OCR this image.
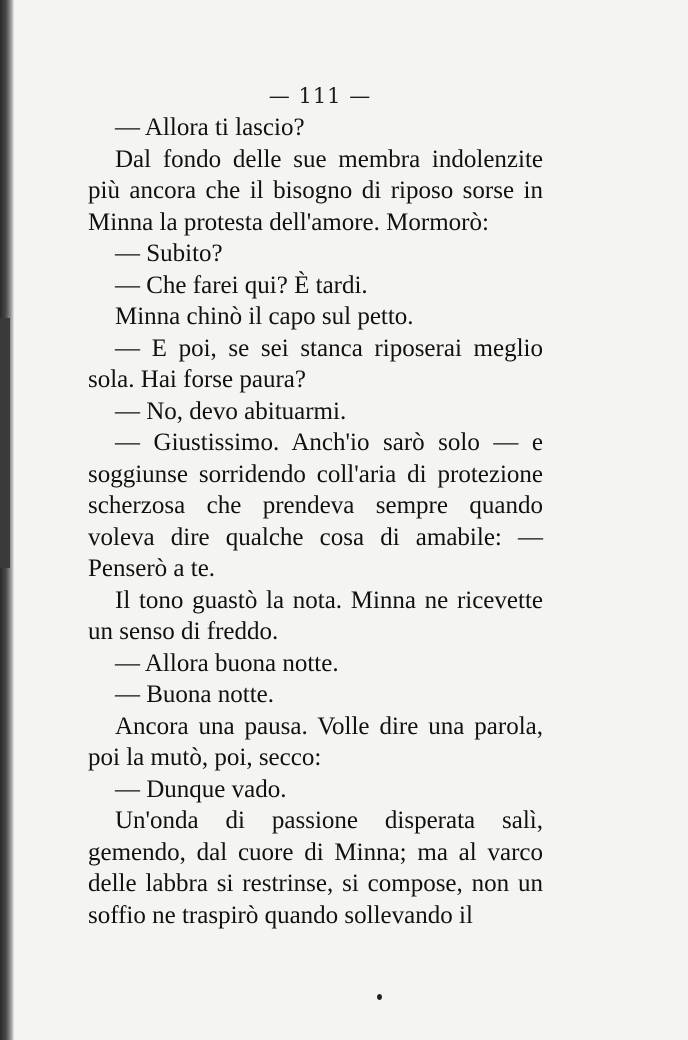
— 111 —

— Allora ti lascio?

Dal fondo delle sue membra indolenzite più ancora che il bisogno di riposo sorse in Minna la protesta dell'amore. Mormorò:

— Subito?

— Che farei qui? È tardi.

Minna chinò il capo sul petto.

— E poi, se sei stanca riposerai meglio sola. Hai forse paura?

— No, devo abituarmi.

— Giustissimo. Anch'io sarò solo — e soggiunse sorridendo coll'aria di protezione scherzosa che prendeva sempre quando voleva dire qualche cosa di amabile: — Penserò a te.

Il tono guastò la nota. Minna ne ricevette un senso di freddo.

— Allora buona notte.

— Buona notte.

Ancora una pausa. Volle dire una parola, poi la mutò, poi, secco:

— Dunque vado.

Un'onda di passione disperata salì, gemendo, dal cuore di Minna; ma al varco delle labbra si restrinse, si compose, non un soffio ne traspirò quando sollevando il
